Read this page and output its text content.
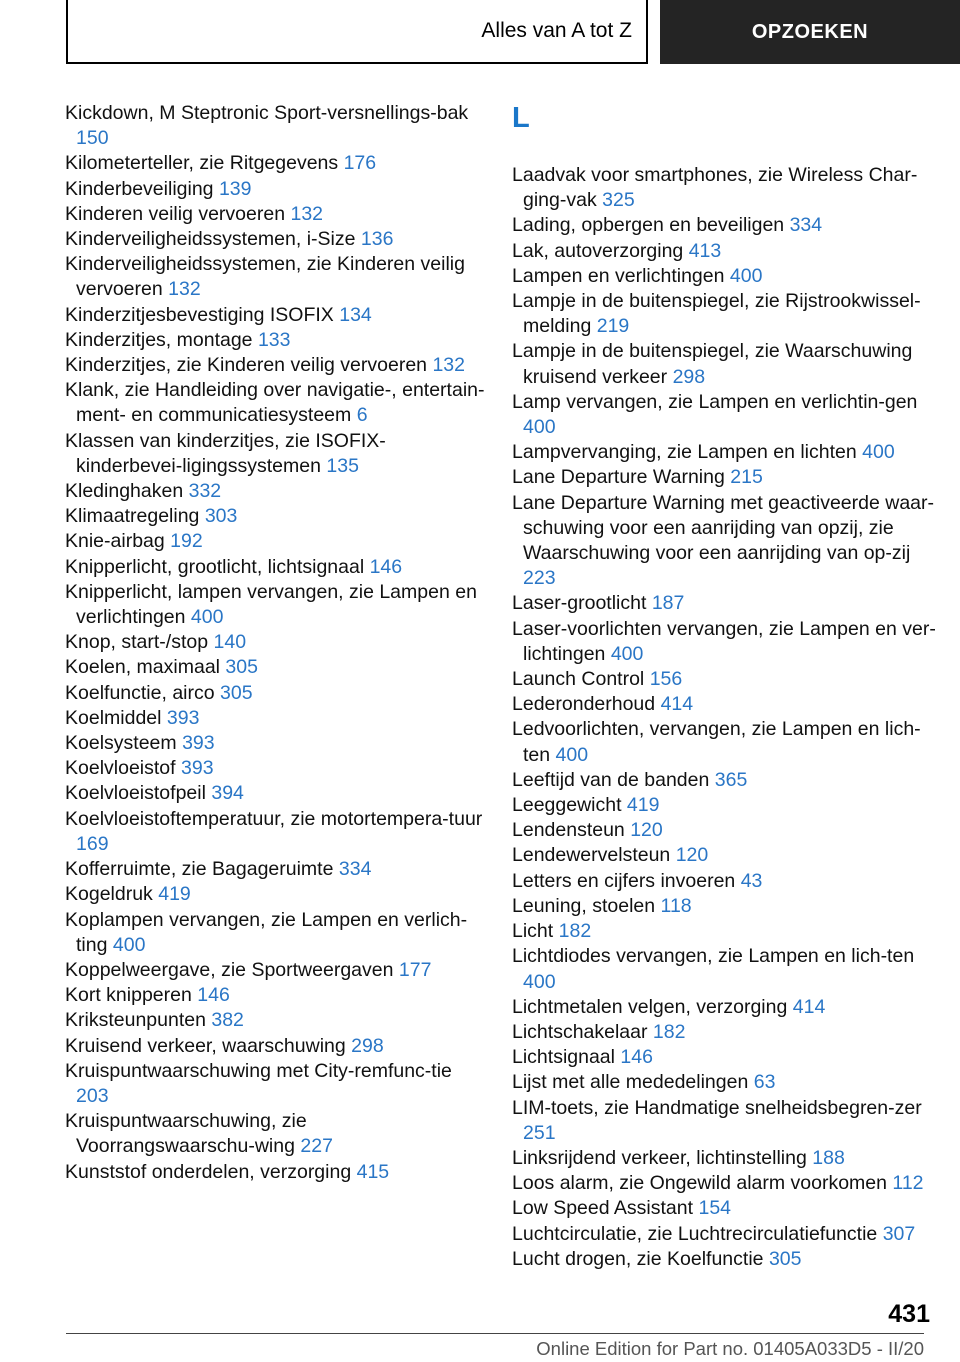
Alles van A tot Z	OPZOEKEN
Kickdown, M Steptronic Sport-versnellings-bak 150
Kilometerteller, zie Ritgegevens 176
Kinderbeveiliging 139
Kinderen veilig vervoeren 132
Kinderveiligheidssystemen, i-Size 136
Kinderveiligheidssystemen, zie Kinderen veilig vervoeren 132
Kinderzitjesbevestiging ISOFIX 134
Kinderzitjes, montage 133
Kinderzitjes, zie Kinderen veilig vervoeren 132
Klank, zie Handleiding over navigatie-, entertain-ment- en communicatiesysteem 6
Klassen van kinderzitjes, zie ISOFIX-kinderbevei-ligingssystemen 135
Kledinghaken 332
Klimaatregeling 303
Knie-airbag 192
Knipperlicht, grootlicht, lichtsignaal 146
Knipperlicht, lampen vervangen, zie Lampen en verlichtingen 400
Knop, start-/stop 140
Koelen, maximaal 305
Koelfunctie, airco 305
Koelmiddel 393
Koelsysteem 393
Koelvloeistof 393
Koelvloeistofpeil 394
Koelvloeistoftemperatuur, zie motortempera-tuur 169
Kofferruimte, zie Bagageruimte 334
Kogeldruk 419
Koplampen vervangen, zie Lampen en verlich-ting 400
Koppelweergave, zie Sportweergaven 177
Kort knipperen 146
Kriksteunpunten 382
Kruisend verkeer, waarschuwing 298
Kruispuntwaarschuwing met City-remfunc-tie 203
Kruispuntwaarschuwing, zie Voorrangswaarschu-wing 227
Kunststof onderdelen, verzorging 415
L
Laadvak voor smartphones, zie Wireless Char-ging-vak 325
Lading, opbergen en beveiligen 334
Lak, autoverzorging 413
Lampen en verlichtingen 400
Lampje in de buitenspiegel, zie Rijstrookwissel-melding 219
Lampje in de buitenspiegel, zie Waarschuwing kruisend verkeer 298
Lamp vervangen, zie Lampen en verlichtin-gen 400
Lampvervanging, zie Lampen en lichten 400
Lane Departure Warning 215
Lane Departure Warning met geactiveerde waar-schuwing voor een aanrijding van opzij, zie Waarschuwing voor een aanrijding van op-zij 223
Laser-grootlicht 187
Laser-voorlichten vervangen, zie Lampen en ver-lichtingen 400
Launch Control 156
Lederonderhoud 414
Ledvoorlichten, vervangen, zie Lampen en lich-ten 400
Leeftijd van de banden 365
Leeggewicht 419
Lendensteun 120
Lendewervelsteun 120
Letters en cijfers invoeren 43
Leuning, stoelen 118
Licht 182
Lichtdiodes vervangen, zie Lampen en lich-ten 400
Lichtmetalen velgen, verzorging 414
Lichtschakelaar 182
Lichtsignaal 146
Lijst met alle mededelingen 63
LIM-toets, zie Handmatige snelheidsbegren-zer 251
Linksrijdend verkeer, lichtinstelling 188
Loos alarm, zie Ongewild alarm voorkomen 112
Low Speed Assistant 154
Luchtcirculatie, zie Luchtrecirculatiefunctie 307
Lucht drogen, zie Koelfunctie 305
431
Online Edition for Part no. 01405A033D5 - II/20
